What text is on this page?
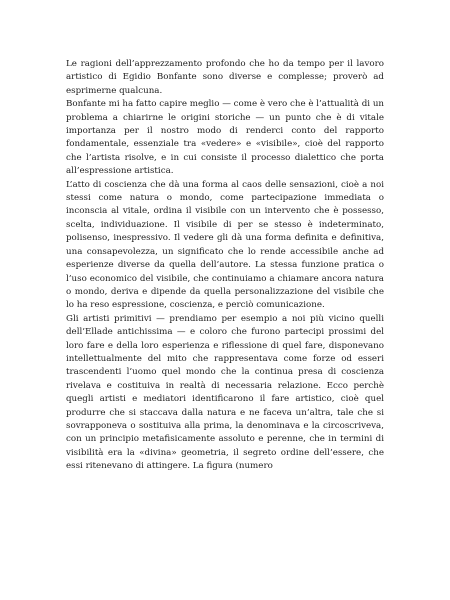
Le ragioni dell’apprezzamento profondo che ho da tempo per il lavoro artistico di Egidio Bonfante sono diverse e complesse; proverò ad esprimerne qualcuna.

Bonfante mi ha fatto capire meglio — come è vero che è l’attualità di un problema a chiarirne le origini storiche — un punto che è di vitale importanza per il nostro modo di renderci conto del rapporto fondamentale, essenziale tra «vedere» e «visibile», cioè del rapporto che l’artista risolve, e in cui consiste il processo dialettico che porta all’espressione artistica.

L’atto di coscienza che dà una forma al caos delle sensazioni, cioè a noi stessi come natura o mondo, come partecipazione immediata o inconscia al vitale, ordina il visibile con un intervento che è possesso, scelta, individuazione. Il visibile di per se stesso è indeterminato, polisenso, inespressivo. Il vedere gli dà una forma definita e definitiva, una consapevolezza, un significato che lo rende accessibile anche ad esperienze diverse da quella dell’autore. La stessa funzione pratica o l’uso economico del visibile, che continuiamo a chiamare ancora natura o mondo, deriva e dipende da quella personalizzazione del visibile che lo ha reso espressione, coscienza, e perciò comunicazione.

Gli artisti primitivi — prendiamo per esempio a noi più vicino quelli dell’Ellade antichissima — e coloro che furono partecipi prossimi del loro fare e della loro esperienza e riflessione di quel fare, disponevano intellettualmente del mito che rappresentava come forze od esseri trascendenti l’uomo quel mondo che la continua presa di coscienza rivelava e costituiva in realtà di necessaria relazione. Ecco perchè quegli artisti e mediatori identificarono il fare artistico, cioè quel produrre che si staccava dalla natura e ne faceva un’altra, tale che si sovrapponeva o sostituiva alla prima, la denominava e la circoscriveva, con un principio metafisicamente assoluto e perenne, che in termini di visibilità era la «divina» geometria, il segreto ordine dell’essere, che essi ritenevano di attingere. La figura (numero
